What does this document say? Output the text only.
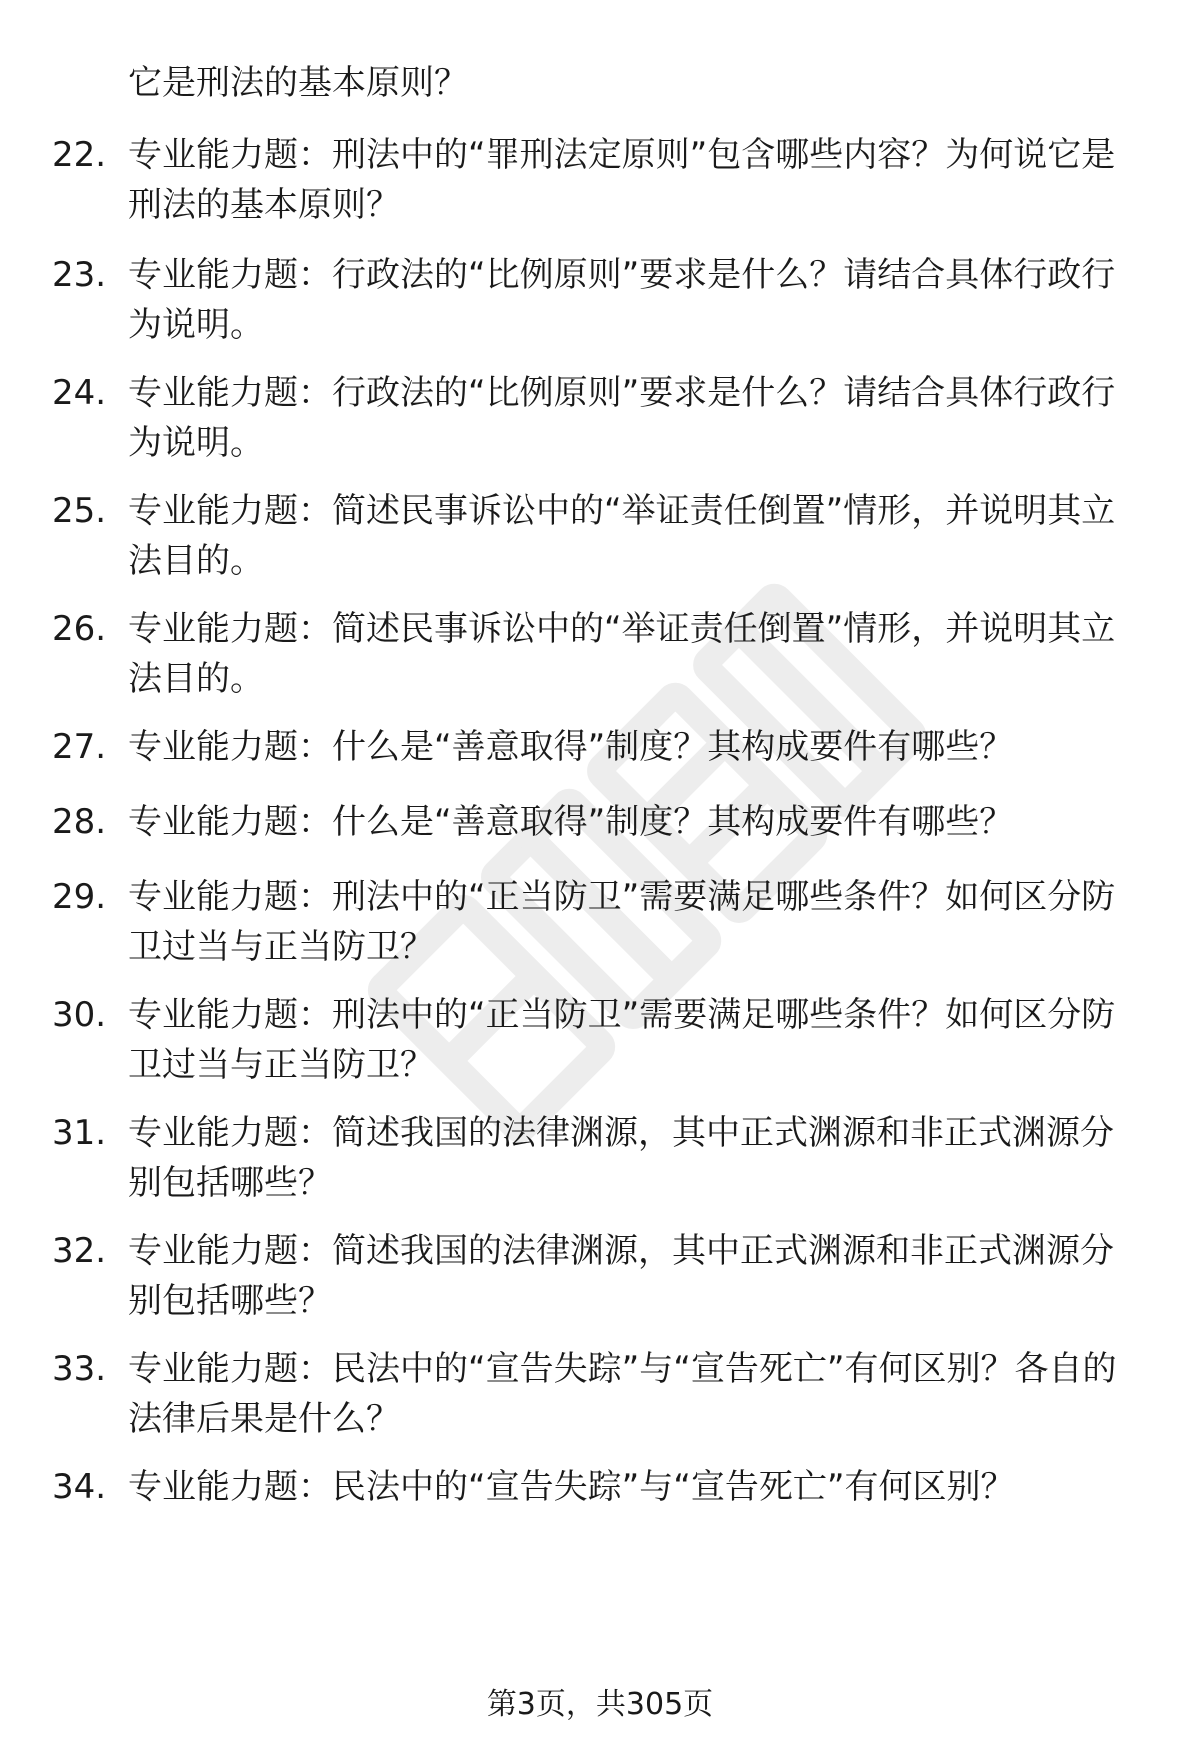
它是刑法的基本原则？
22. 专业能力题：刑法中的“罪刑法定原则”包含哪些内容？为何说它是刑法的基本原则？
23. 专业能力题：行政法的“比例原则”要求是什么？请结合具体行政行为说明。
24. 专业能力题：行政法的“比例原则”要求是什么？请结合具体行政行为说明。
25. 专业能力题：简述民事诉讼中的“举证责任倒置”情形，并说明其立法目的。
26. 专业能力题：简述民事诉讼中的“举证责任倒置”情形，并说明其立法目的。
27. 专业能力题：什么是“善意取得”制度？其构成要件有哪些？
28. 专业能力题：什么是“善意取得”制度？其构成要件有哪些？
29. 专业能力题：刑法中的“正当防卫”需要满足哪些条件？如何区分防卫过当与正当防卫？
30. 专业能力题：刑法中的“正当防卫”需要满足哪些条件？如何区分防卫过当与正当防卫？
31. 专业能力题：简述我国的法律渊源，其中正式渊源和非正式渊源分别包括哪些？
32. 专业能力题：简述我国的法律渊源，其中正式渊源和非正式渊源分别包括哪些？
33. 专业能力题：民法中的“宣告失踪”与“宣告死亡”有何区别？各自的法律后果是什么？
34. 专业能力题：民法中的“宣告失踪”与“宣告死亡”有何区别？
第3页，共305页
